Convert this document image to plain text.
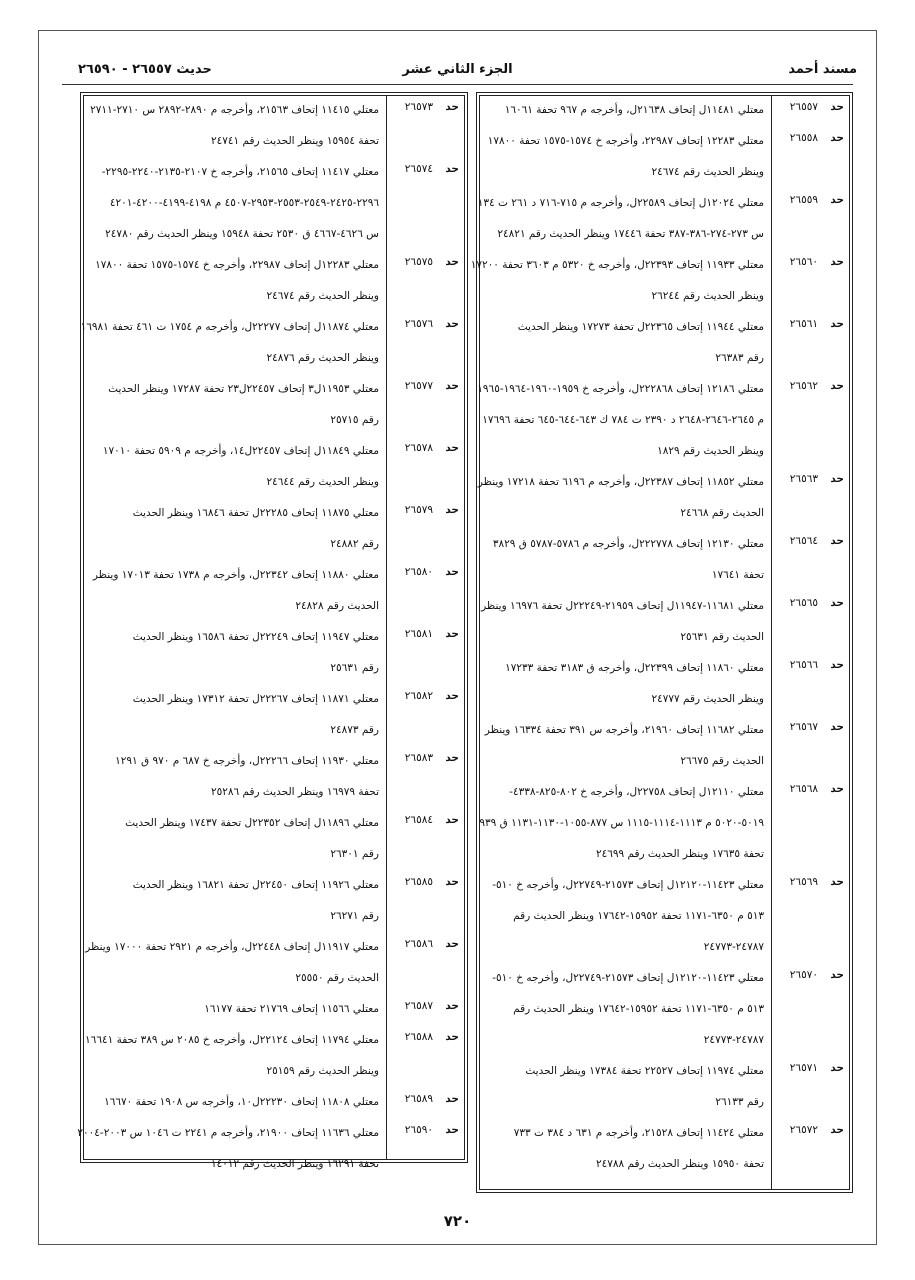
مسند أحمد
الجزء الثاني عشر
حديث ٢٦٥٥٧ - ٢٦٥٩٠
حد
٢٦٥٥٧
معتلي ١١٤٨١ل إتحاف ٢١٦٣٨ل، وأخرجه م ٩٦٧ تحفة ١٦٠٦١
حد
٢٦٥٥٨
معتلي ١٢٢٨٣ إتحاف ٢٢٩٨٧، وأخرجه خ ١٥٧٤-١٥٧٥ تحفة ١٧٨٠٠
وينظر الحديث رقم ٢٤٦٧٤
حد
٢٦٥٥٩
معتلي ١٢٠٢٤ل إتحاف ٢٢٥٨٩ل، وأخرجه م ٧١٥-٧١٦ د ٢٦١ ت ١٣٤
س ٢٧٣-٢٧٤-٣٨٦-٣٨٧ تحفة ١٧٤٤٦ وينظر الحديث رقم ٢٤٨٢١
حد
٢٦٥٦٠
معتلي ١١٩٣٣ إتحاف ٢٢٣٩٣ل، وأخرجه خ ٥٣٢٠ م ٣٦٠٣ تحفة ١٧٢٠٠
وينظر الحديث رقم ٢٦٢٤٤
حد
٢٦٥٦١
معتلي ١١٩٤٤ إتحاف ٢٢٣٦٥ل تحفة ١٧٢٧٣ وينظر الحديث
رقم ٢٦٣٨٣
حد
٢٦٥٦٢
معتلي ١٢١٨٦ إتحاف ٢٢٢٨٦٨ل، وأخرجه خ ١٩٥٩-١٩٦٠-١٩٦٤-١٩٦٥
م ٢٦٤٥-٢٦٤٦-٢٦٤٨ د ٢٣٩٠ ت ٧٨٤ ك ٦٤٣-٦٤٤-٦٤٥ تحفة ١٧٦٩٦
وينظر الحديث رقم ١٨٢٩
حد
٢٦٥٦٣
معتلي ١١٨٥٢ إتحاف ٢٢٣٨٧ل، وأخرجه م ٦١٩٦ تحفة ١٧٢١٨ وينظر
الحديث رقم ٢٤٦٦٨
حد
٢٦٥٦٤
معتلي ١٢١٣٠ إتحاف ٢٢٢٧٧٨ل، وأخرجه م ٥٧٨٦-٥٧٨٧ ق ٣٨٢٩
تحفة ١٧٦٤١
حد
٢٦٥٦٥
معتلي ١١٦٨١-١١٩٤٧ل إتحاف ٢١٩٥٩-٢٢٢٤٩ل تحفة ١٦٩٧٦ وينظر
الحديث رقم ٢٥٦٣١
حد
٢٦٥٦٦
معتلي ١١٨٦٠ إتحاف ٢٢٣٩٩ل، وأخرجه ق ٣١٨٣ تحفة ١٧٢٣٣
وينظر الحديث رقم ٢٤٧٧٧
حد
٢٦٥٦٧
معتلي ١١٦٨٢ إتحاف ٢١٩٦٠، وأخرجه س ٣٩١ تحفة ١٦٣٣٤ وينظر
الحديث رقم ٢٦٦٧٥
حد
٢٦٥٦٨
معتلي ١٢١١٠ل إتحاف ٢٢٧٥٨ل، وأخرجه خ ٨٠٢-٨٢٥-٤٣٣٨-
٥٠١٩-٥٠٢٠ م ١١١٣-١١١٤-١١١٥ س ٨٧٧-١٠٥٥-١١٣٠-١١٣١ ق ٩٣٩
تحفة ١٧٦٣٥ وينظر الحديث رقم ٢٤٦٩٩
حد
٢٦٥٦٩
معتلي ١١٤٢٣-١٢١٢٠ل إتحاف ٢١٥٧٣-٢٢٧٤٩ل، وأخرجه خ ٥١٠-
٥١٣ م ٦٣٥٠-١١٧١ تحفة ١٥٩٥٢-١٧٦٤٢ وينظر الحديث رقم
٢٤٧٨٧-٢٤٧٧٣
حد
٢٦٥٧٠
معتلي ١١٤٢٣-١٢١٢٠ل إتحاف ٢١٥٧٣-٢٢٧٤٩ل، وأخرجه خ ٥١٠-
٥١٣ م ٦٣٥٠-١١٧١ تحفة ١٥٩٥٢-١٧٦٤٢ وينظر الحديث رقم
٢٤٧٨٧-٢٤٧٧٣
حد
٢٦٥٧١
معتلي ١١٩٧٤ إتحاف ٢٢٥٢٧ تحفة ١٧٣٨٤ وينظر الحديث
رقم ٢٦١٣٣
حد
٢٦٥٧٢
معتلي ١١٤٢٤ إتحاف ٢١٥٢٨، وأخرجه م ٦٣١ د ٣٨٤ ت ٧٣٣
تحفة ١٥٩٥٠ وينظر الحديث رقم ٢٤٧٨٨
حد
٢٦٥٧٣
معتلي ١١٤١٥ إتحاف ٢١٥٦٣، وأخرجه م ٢٨٩٠-٢٨٩٢ س ٢٧١٠-٢٧١١
تحفة ١٥٩٥٤ وينظر الحديث رقم ٢٤٧٤١
حد
٢٦٥٧٤
معتلي ١١٤١٧ إتحاف ٢١٥٦٥، وأخرجه خ ٢١٠٧-٢١٣٥-٢٢٤٠-٢٢٩٥-
٢٢٩٦-٢٤٢٥-٢٥٤٩-٢٥٥٣-٢٩٥٣-٤٥٠٧ م ٤١٩٨-٤١٩٩-٤٢٠٠-٤٢٠١
س ٤٦٢٦-٤٦٦٧ ق ٢٥٣٠ تحفة ١٥٩٤٨ وينظر الحديث رقم ٢٤٧٨٠
حد
٢٦٥٧٥
معتلي ١٢٢٨٣ل إتحاف ٢٢٩٨٧، وأخرجه خ ١٥٧٤-١٥٧٥ تحفة ١٧٨٠٠
وينظر الحديث رقم ٢٤٦٧٤
حد
٢٦٥٧٦
معتلي ١١٨٧٤ل إتحاف ٢٢٢٧٧ل، وأخرجه م ١٧٥٤ ت ٤٦١ تحفة ١٦٩٨١
وينظر الحديث رقم ٢٤٨٧٦
حد
٢٦٥٧٧
معتلي ١١٩٥٣ل٣ إتحاف ٢٢٤٥٧ل٢٣ تحفة ١٧٢٨٧ وينظر الحديث
رقم ٢٥٧١٥
حد
٢٦٥٧٨
معتلي ١١٨٤٩ل إتحاف ٢٢٤٥٧ل١٤، وأخرجه م ٥٩٠٩ تحفة ١٧٠١٠
وينظر الحديث رقم ٢٤٦٤٤
حد
٢٦٥٧٩
معتلي ١١٨٧٥ إتحاف ٢٢٢٨٥ل تحفة ١٦٨٤٦ وينظر الحديث
رقم ٢٤٨٨٢
حد
٢٦٥٨٠
معتلي ١١٨٨٠ إتحاف ٢٢٣٤٢ل، وأخرجه م ١٧٣٨ تحفة ١٧٠١٣ وينظر
الحديث رقم ٢٤٨٢٨
حد
٢٦٥٨١
معتلي ١١٩٤٧ إتحاف ٢٢٢٤٩ل تحفة ١٦٥٨٦ وينظر الحديث
رقم ٢٥٦٣١
حد
٢٦٥٨٢
معتلي ١١٨٧١ إتحاف ٢٢٢٦٧ل تحفة ١٧٣١٢ وينظر الحديث
رقم ٢٤٨٧٣
حد
٢٦٥٨٣
معتلي ١١٩٣٠ إتحاف ٢٢٢٦٦ل، وأخرجه خ ٦٨٧ م ٩٧٠ ق ١٢٩١
تحفة ١٦٩٧٩ وينظر الحديث رقم ٢٥٢٨٦
حد
٢٦٥٨٤
معتلي ١١٨٩٦ل إتحاف ٢٢٣٥٢ل تحفة ١٧٤٣٧ وينظر الحديث
رقم ٢٦٣٠١
حد
٢٦٥٨٥
معتلي ١١٩٢٦ إتحاف ٢٢٤٥٠ل تحفة ١٦٨٢١ وينظر الحديث
رقم ٢٦٢٧١
حد
٢٦٥٨٦
معتلي ١١٩١٧ل إتحاف ٢٢٤٤٨ل، وأخرجه م ٢٩٢١ تحفة ١٧٠٠٠ وينظر
الحديث رقم ٢٥٥٥٠
حد
٢٦٥٨٧
معتلي ١١٥٦٦ إتحاف ٢١٧٦٩ تحفة ١٦١٧٧
حد
٢٦٥٨٨
معتلي ١١٧٩٤ إتحاف ٢٢١٢٤ل، وأخرجه خ ٢٠٨٥ س ٣٨٩ تحفة ١٦٦٤١
وينظر الحديث رقم ٢٥١٥٩
حد
٢٦٥٨٩
معتلي ١١٨٠٨ إتحاف ٢٢٢٣٠ل١٠، وأخرجه س ١٩٠٨ تحفة ١٦٦٧٠
حد
٢٦٥٩٠
معتلي ١١٦٣٦ إتحاف ٢١٩٠٠، وأخرجه م ٢٢٤١ ت ١٠٤٦ س ٢٠٠٣-٢٠٠٤
تحفة ١٦٢٩١ وينظر الحديث رقم ١٤٠١٢
٧٢٠
